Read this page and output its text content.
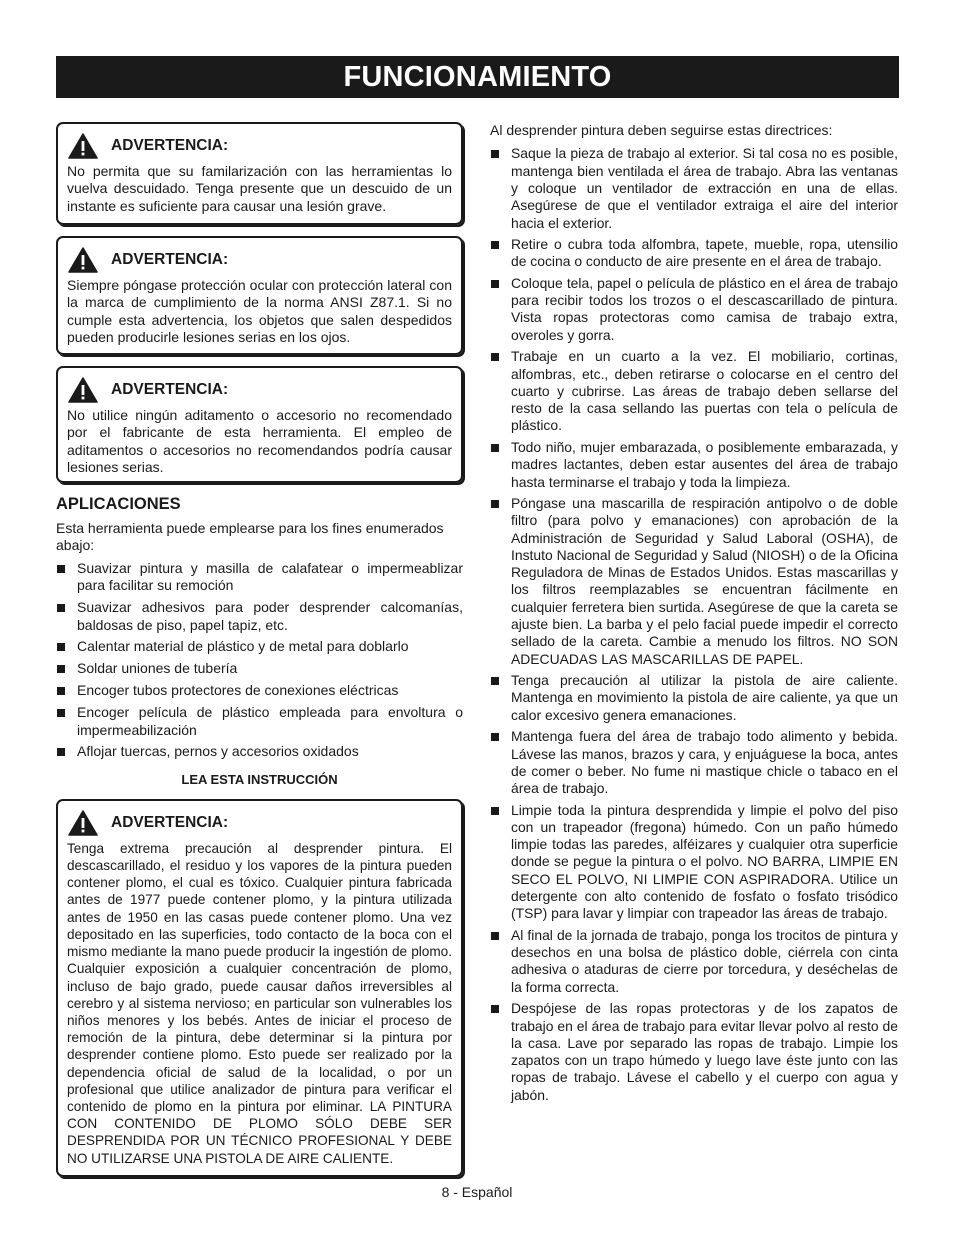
FUNCIONAMIENTO
ADVERTENCIA:

No permita que su familarización con las herramientas lo vuelva descuidado. Tenga presente que un descuido de un instante es suficiente para causar una lesión grave.

ADVERTENCIA:

Siempre póngase protección ocular con protección lateral con la marca de cumplimiento de la norma ANSI Z87.1. Si no cumple esta advertencia, los objetos que salen despedidos pueden producirle lesiones serias en los ojos.

ADVERTENCIA:

No utilice ningún aditamento o accesorio no recomendado por el fabricante de esta herramienta. El empleo de aditamentos o accesorios no recomendandos podría causar lesiones serias.

APLICACIONES

Esta herramienta puede emplearse para los fines enumerados abajo:

Suavizar pintura y masilla de calafatear o impermeablizar para facilitar su remoción
Suavizar adhesivos para poder desprender calcomanías, baldosas de piso, papel tapiz, etc.
Calentar material de plástico y de metal para doblarlo
Soldar uniones de tubería
Encoger tubos protectores de conexiones eléctricas
Encoger película de plástico empleada para envoltura o impermeabilización
Aflojar tuercas, pernos y accesorios oxidados
LEA ESTA INSTRUCCIÓN
ADVERTENCIA:

Tenga extrema precaución al desprender pintura. El descascarillado, el residuo y los vapores de la pintura pueden contener plomo, el cual es tóxico. Cualquier pintura fabricada antes de 1977 puede contener plomo, y la pintura utilizada antes de 1950 en las casas puede contener plomo. Una vez depositado en las superficies, todo contacto de la boca con el mismo mediante la mano puede producir la ingestión de plomo. Cualquier exposición a cualquier concentración de plomo, incluso de bajo grado, puede causar daños irreversibles al cerebro y al sistema nervioso; en particular son vulnerables los niños menores y los bebés. Antes de iniciar el proceso de remoción de la pintura, debe determinar si la pintura por desprender contiene plomo. Esto puede ser realizado por la dependencia oficial de salud de la localidad, o por un profesional que utilice analizador de pintura para verificar el contenido de plomo en la pintura por eliminar. LA PINTURA CON CONTENIDO DE PLOMO SÓLO DEBE SER DESPRENDIDA POR UN TÉCNICO PROFESIONAL Y DEBE NO UTILIZARSE UNA PISTOLA DE AIRE CALIENTE.

Al desprender pintura deben seguirse estas directrices:

Saque la pieza de trabajo al exterior. Si tal cosa no es posible, mantenga bien ventilada el área de trabajo. Abra las ventanas y coloque un ventilador de extracción en una de ellas. Asegúrese de que el ventilador extraiga el aire del interior hacia el exterior.
Retire o cubra toda alfombra, tapete, mueble, ropa, utensilio de cocina o conducto de aire presente en el área de trabajo.
Coloque tela, papel o película de plástico en el área de trabajo para recibir todos los trozos o el descascarillado de pintura. Vista ropas protectoras como camisa de trabajo extra, overoles y gorra.
Trabaje en un cuarto a la vez. El mobiliario, cortinas, alfombras, etc., deben retirarse o colocarse en el centro del cuarto y cubrirse. Las áreas de trabajo deben sellarse del resto de la casa sellando las puertas con tela o película de plástico.
Todo niño, mujer embarazada, o posiblemente embarazada, y madres lactantes, deben estar ausentes del área de trabajo hasta terminarse el trabajo y toda la limpieza.
Póngase una mascarilla de respiración antipolvo o de doble filtro (para polvo y emanaciones) con aprobación de la Administración de Seguridad y Salud Laboral (OSHA), de Instuto Nacional de Seguridad y Salud (NIOSH) o de la Oficina Reguladora de Minas de Estados Unidos. Estas mascarillas y los filtros reemplazables se encuentran fácilmente en cualquier ferretera bien surtida. Asegúrese de que la careta se ajuste bien. La barba y el pelo facial puede impedir el correcto sellado de la careta. Cambie a menudo los filtros. NO SON ADECUADAS LAS MASCARILLAS DE PAPEL.
Tenga precaución al utilizar la pistola de aire caliente. Mantenga en movimiento la pistola de aire caliente, ya que un calor excesivo genera emanaciones.
Mantenga fuera del área de trabajo todo alimento y bebida. Lávese las manos, brazos y cara, y enjuáguese la boca, antes de comer o beber. No fume ni mastique chicle o tabaco en el área de trabajo.
Limpie toda la pintura desprendida y limpie el polvo del piso con un trapeador (fregona) húmedo. Con un paño húmedo limpie todas las paredes, alféizares y cualquier otra superficie donde se pegue la pintura o el polvo. NO BARRA, LIMPIE EN SECO EL POLVO, NI LIMPIE CON ASPIRADORA. Utilice un detergente con alto contenido de fosfato o fosfato trisódico (TSP) para lavar y limpiar con trapeador las áreas de trabajo.
Al final de la jornada de trabajo, ponga los trocitos de pintura y desechos en una bolsa de plástico doble, ciérrela con cinta adhesiva o ataduras de cierre por torcedura, y deséchelas de la forma correcta.
Despójese de las ropas protectoras y de los zapatos de trabajo en el área de trabajo para evitar llevar polvo al resto de la casa. Lave por separado las ropas de trabajo. Limpie los zapatos con un trapo húmedo y luego lave éste junto con las ropas de trabajo. Lávese el cabello y el cuerpo con agua y jabón.
8 - Español
